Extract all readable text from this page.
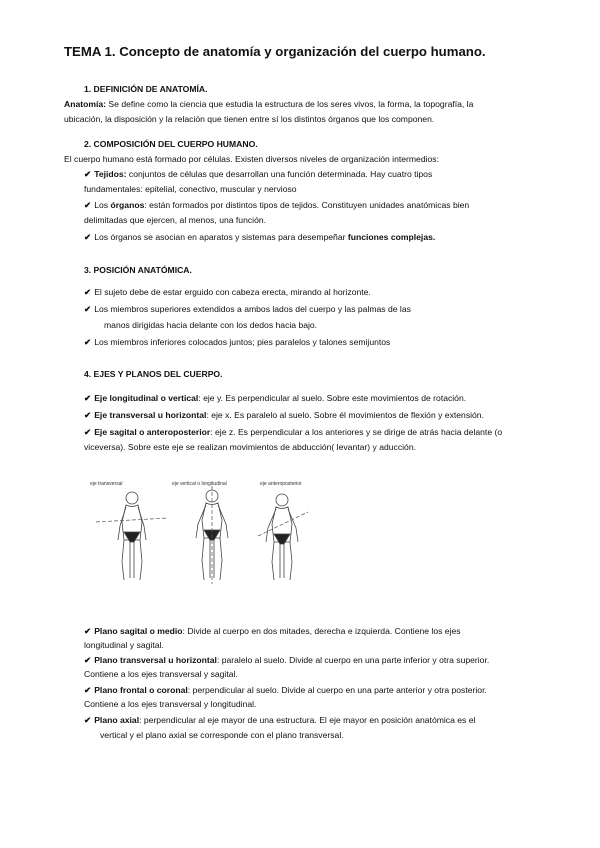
TEMA 1. Concepto de anatomía y organización del cuerpo humano.
1. DEFINICIÓN DE ANATOMÍA.
Anatomía: Se define como la ciencia que estudia la estructura de los seres vivos, la forma, la topografía, la
ubicación, la disposición y la relación que tienen entre sí los distintos órganos que los componen.
2. COMPOSICIÓN DEL CUERPO HUMANO.
El cuerpo humano está formado por células. Existen diversos niveles de organización intermedios:
✔ Tejidos: conjuntos de células que desarrollan una función determinada. Hay cuatro tipos
fundamentales: epitelial, conectivo, muscular y nervioso
✔ Los órganos: están formados por distintos tipos de tejidos. Constituyen unidades anatómicas bien
delimitadas que ejercen, al menos, una función.
✔ Los órganos se asocian en aparatos y sistemas para desempeñar funciones complejas.
3. POSICIÓN ANATÓMICA.
✔ El sujeto debe de estar erguido con cabeza erecta, mirando al horizonte.
✔ Los miembros superiores extendidos a ambos lados del cuerpo y las palmas de las
manos dirigidas hacia delante con los dedos hacia bajo.
✔ Los miembros inferiores colocados juntos; pies paralelos y talones semijuntos
4. EJES Y PLANOS DEL CUERPO.
✔ Eje longitudinal o vertical: eje y. Es perpendicular al suelo. Sobre este movimientos de rotación.
✔ Eje transversal u horizontal: eje x. Es paralelo al suelo. Sobre él movimientos de flexión y extensión.
✔ Eje sagital o anteroposterior: eje z. Es perpendicular a los anteriores y se dirige de atrás hacia delante (o
viceversa). Sobre este eje se realizan movimientos de abducción( levantar) y aducción.
eje transversal	eje vertical o longitudinal	eje anteroposterior
✔ Plano sagital o medio: Divide al cuerpo en dos mitades, derecha e izquierda. Contiene los ejes
longitudinal y sagital.
✔ Plano transversal u horizontal: paralelo al suelo. Divide al cuerpo en una parte inferior y otra superior.
Contiene a los ejes transversal y sagital.
✔ Plano frontal o coronal: perpendicular al suelo. Divide al cuerpo en una parte anterior y otra posterior.
Contiene a los ejes transversal y longitudinal.
✔ Plano axial: perpendicular al eje mayor de una estructura. El eje mayor en posición anatómica es el
vertical y el plano axial se corresponde con el plano transversal.
